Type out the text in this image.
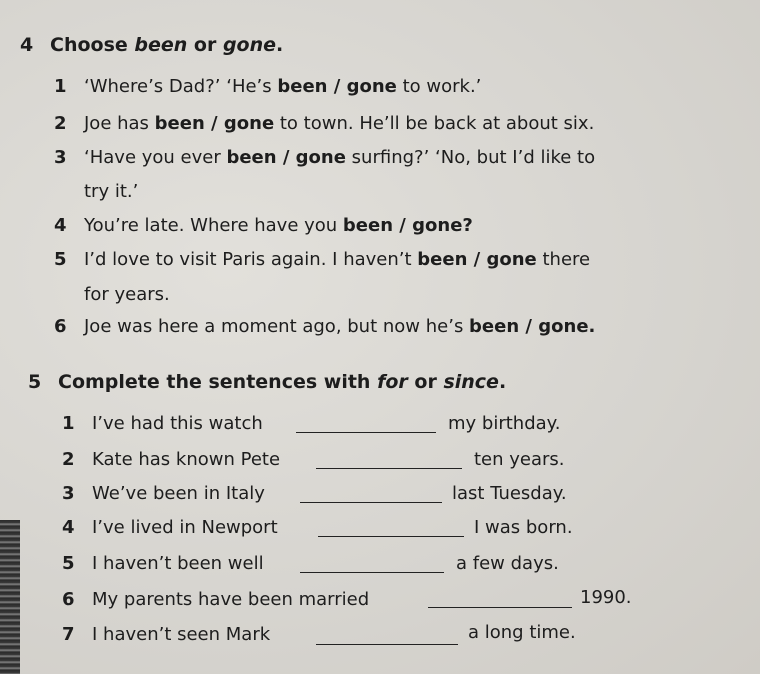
4 Choose been or gone.
1 ‘Where’s Dad?’ ‘He’s been / gone to work.’
2 Joe has been / gone to town. He’ll be back at about six.
3 ‘Have you ever been / gone surfing?’ ‘No, but I’d like to
try it.’
4 You’re late. Where have you been / gone?
5 I’d love to visit Paris again. I haven’t been / gone there
for years.
6 Joe was here a moment ago, but now he’s been / gone.
5 Complete the sentences with for or since.
1 I’ve had this watch	my birthday.
2 Kate has known Pete	ten years.
3 We’ve been in Italy	last Tuesday.
4 I’ve lived in Newport	I was born.
5 I haven’t been well	a few days.
6 My parents have been married	1990.
7 I haven’t seen Mark	a long time.
